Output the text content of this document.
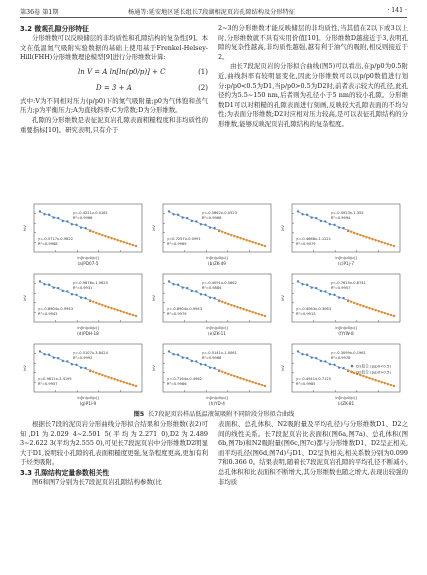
第36卷 第1期	杨通等:延安地区延长组长7段湖相泥页岩孔隙结构及分形特征	· 141 ·
3.2 微观孔隙分形特征

分形维数可以反映储层的非均质性和孔隙结构的复杂性[9]。本文在低温氮气吸附实验数据的基础上使用基于Frenkel-Helsey-Hill(FHH)分形维数理论模型[9]进行分形维数计算:

ln V = A ln[ln(p0/p)] + C	(1)
D = 3 + A	(2)

式中:V为不同相对压力(p/p0)下的氮气吸附量;p0为气体饱和蒸气压力;p为平衡压力;A为直线斜率;C为常数;D为分形维数。

孔隙的分形维数是表征泥页岩孔隙表面粗糙程度和非均质性的重要指标[10]。研究表明,只有介于

2~3的分形维数才能反映储层的非均质性,当其值在2以下或3以上时,分形维数就不具有实用价值[10]。分形维数D越接近于3,表明孔隙的复杂性越高,非均质性越强,越有利于油气的吸附,相反则接近于2。

由长7段泥页岩的分形拟合曲线(图5)可以看出,在p/p0为0.5附近,曲线斜率有较明显变化,因此分形维数可以以p/p0数值进行划分:p/p0<0.5为D1,当p/p0>0.5为D2时,前者表示较大的孔径,此孔径约为5.5~150 nm,后者则为孔径小于5 nm的较小孔隙。分形维数D1可以对粗糙的孔隙表面进行刻画,反映较大孔隙表面的不均匀性;为表面分形维数;D2对应相对压力较高,是可以表征孔隙结构的分形维数,能够反映泥页岩孔隙结构的复杂程度。

y=-0.4221x-0.0181
R²=0.9966
y=-0.5717x-0.9822
R²=0.9968
ln[ln(p0/p)]
lnV
(a)PD07-5
y=-0.5862x-0.0523
R²=0.9966
y=0.7257x-0.0991
R²=0.9969
ln[ln(p0/p)]
lnV
(b)ZK-49
y=-0.4923x-1.355
R²=0.9994
y=-0.4868x-1.1221
R²=0.9979
ln[ln(p0/p)]
lnV
(c)P1j-7
y=-0.9876x-1.0625
R²=0.9931
y=-0.8904x-0.9943
R²=0.9942
ln[ln(p0/p)]
lnV
(d)PDH-18
y=-0.4091x-0.5662
R²=0.9884
y=-0.8904x-0.9943
R²=0.9979
ln[ln(p0/p)]
lnV
(e)ZK-11
y=-0.7615x-0.8741
R²=0.9957
y=-0.4063x-0.3063
R²=0.9913
ln[ln(p0/p)]
lnV
(f)YW-8
y=-0.5107x-3.8424
R²=0.9992
y=0.9611x-3.4195
R²=0.9957
ln[ln(p0/p)]
lnV
(g)P1i-9
y=-0.5141x-1.0061
R²=0.9968
y=-0.7164x-0.4962
R²=0.9986
ln[ln(p0/p)]
lnV
(h)YD-4
y=-0.3099x-0.1961
R²=0.9978
y=-0.4941x-0.7125
R²=0.9985
ln[ln(p0/p)]
lnV
(i)ZK-81
D1拟合 (p/p0<0.5)
D2拟合 (p/p0>0.5)
图5 长7段泥页岩样品低温液氮吸附不同阶段分形拟合曲线

根据长7段的泥页岩分形曲线分形拟合结果和分形维数(表2)可知,D1为2.029 4~2.501 5(平均为2.271 0),D2为2.489 3~2.622 3(平均为2.555 0),可见长7段泥页岩中分形维数D2明显大于D1,说明较小孔隙的孔表面粗糙度更强,复杂程度更高,更加有利于烃类吸附。

3.3 孔隙结构定量参数相关性

图6和图7分别为长7段泥页岩孔隙结构参数(比

表面积、总孔体积、N2吸附量及平均孔径)与分形维数D1、D2之间的线性关系。长7段泥页岩比表面积(图6a,图7a)、总孔体积(图6b,图7b)和N2吸附量(图6c,图7c)都与分形维数D1、D2呈正相关,而平均孔径(图6d,图7d)与D1、D2呈负相关,相关系数分别为0.099 7和0.366 0。结果表明,随着长7段泥页岩孔隙的平均孔径不断减小,总孔体积和比表面积不断增大,其分形维数也随之增大,表现出较强的非均质
